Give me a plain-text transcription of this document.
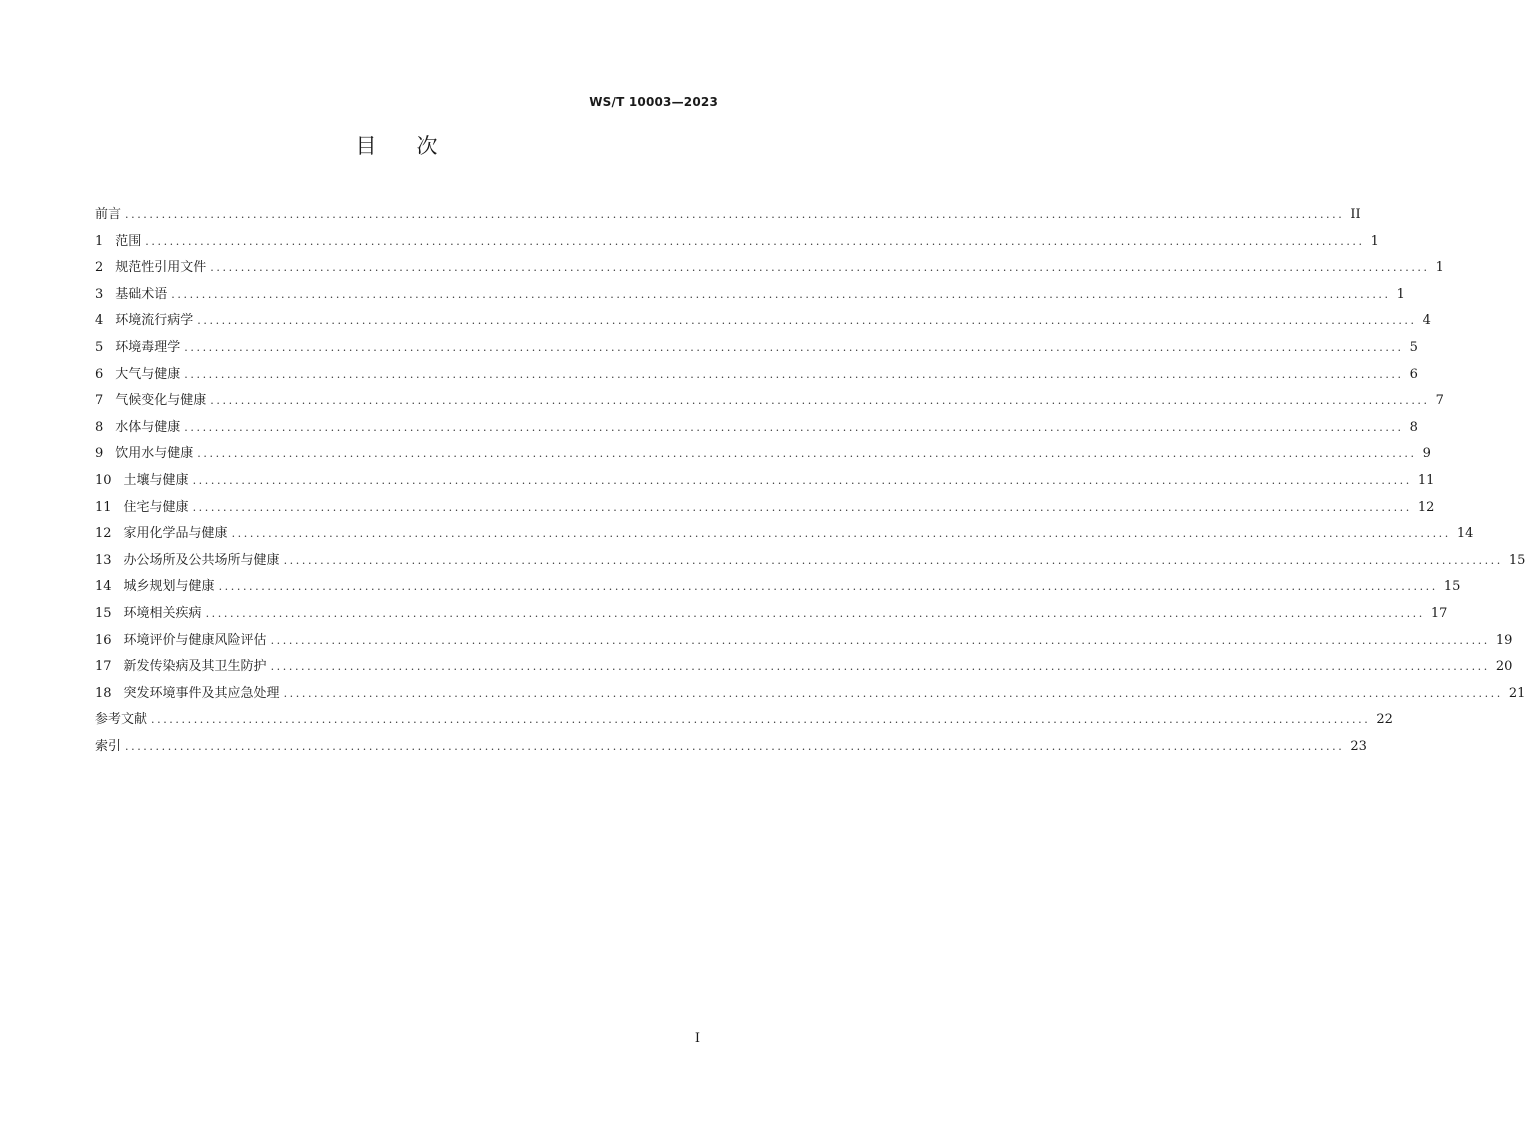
WS/T 10003—2023
目 次
前言 ........................................................................................................................................................................................................ II
1 范围 ........................................................................................................................................................................................................ 1
2 规范性引用文件 ........................................................................................................................................................................................................ 1
3 基础术语 ........................................................................................................................................................................................................ 1
4 环境流行病学 ........................................................................................................................................................................................................ 4
5 环境毒理学 ........................................................................................................................................................................................................ 5
6 大气与健康 ........................................................................................................................................................................................................ 6
7 气候变化与健康 ........................................................................................................................................................................................................ 7
8 水体与健康 ........................................................................................................................................................................................................ 8
9 饮用水与健康 ........................................................................................................................................................................................................ 9
10 土壤与健康 ........................................................................................................................................................................................................ 11
11 住宅与健康 ........................................................................................................................................................................................................ 12
12 家用化学品与健康 ........................................................................................................................................................................................................ 14
13 办公场所及公共场所与健康 ........................................................................................................................................................................................................ 15
14 城乡规划与健康 ........................................................................................................................................................................................................ 15
15 环境相关疾病 ........................................................................................................................................................................................................ 17
16 环境评价与健康风险评估 ........................................................................................................................................................................................................ 19
17 新发传染病及其卫生防护 ........................................................................................................................................................................................................ 20
18 突发环境事件及其应急处理 ........................................................................................................................................................................................................ 21
参考文献 ........................................................................................................................................................................................................ 22
索引 ........................................................................................................................................................................................................ 23
I
